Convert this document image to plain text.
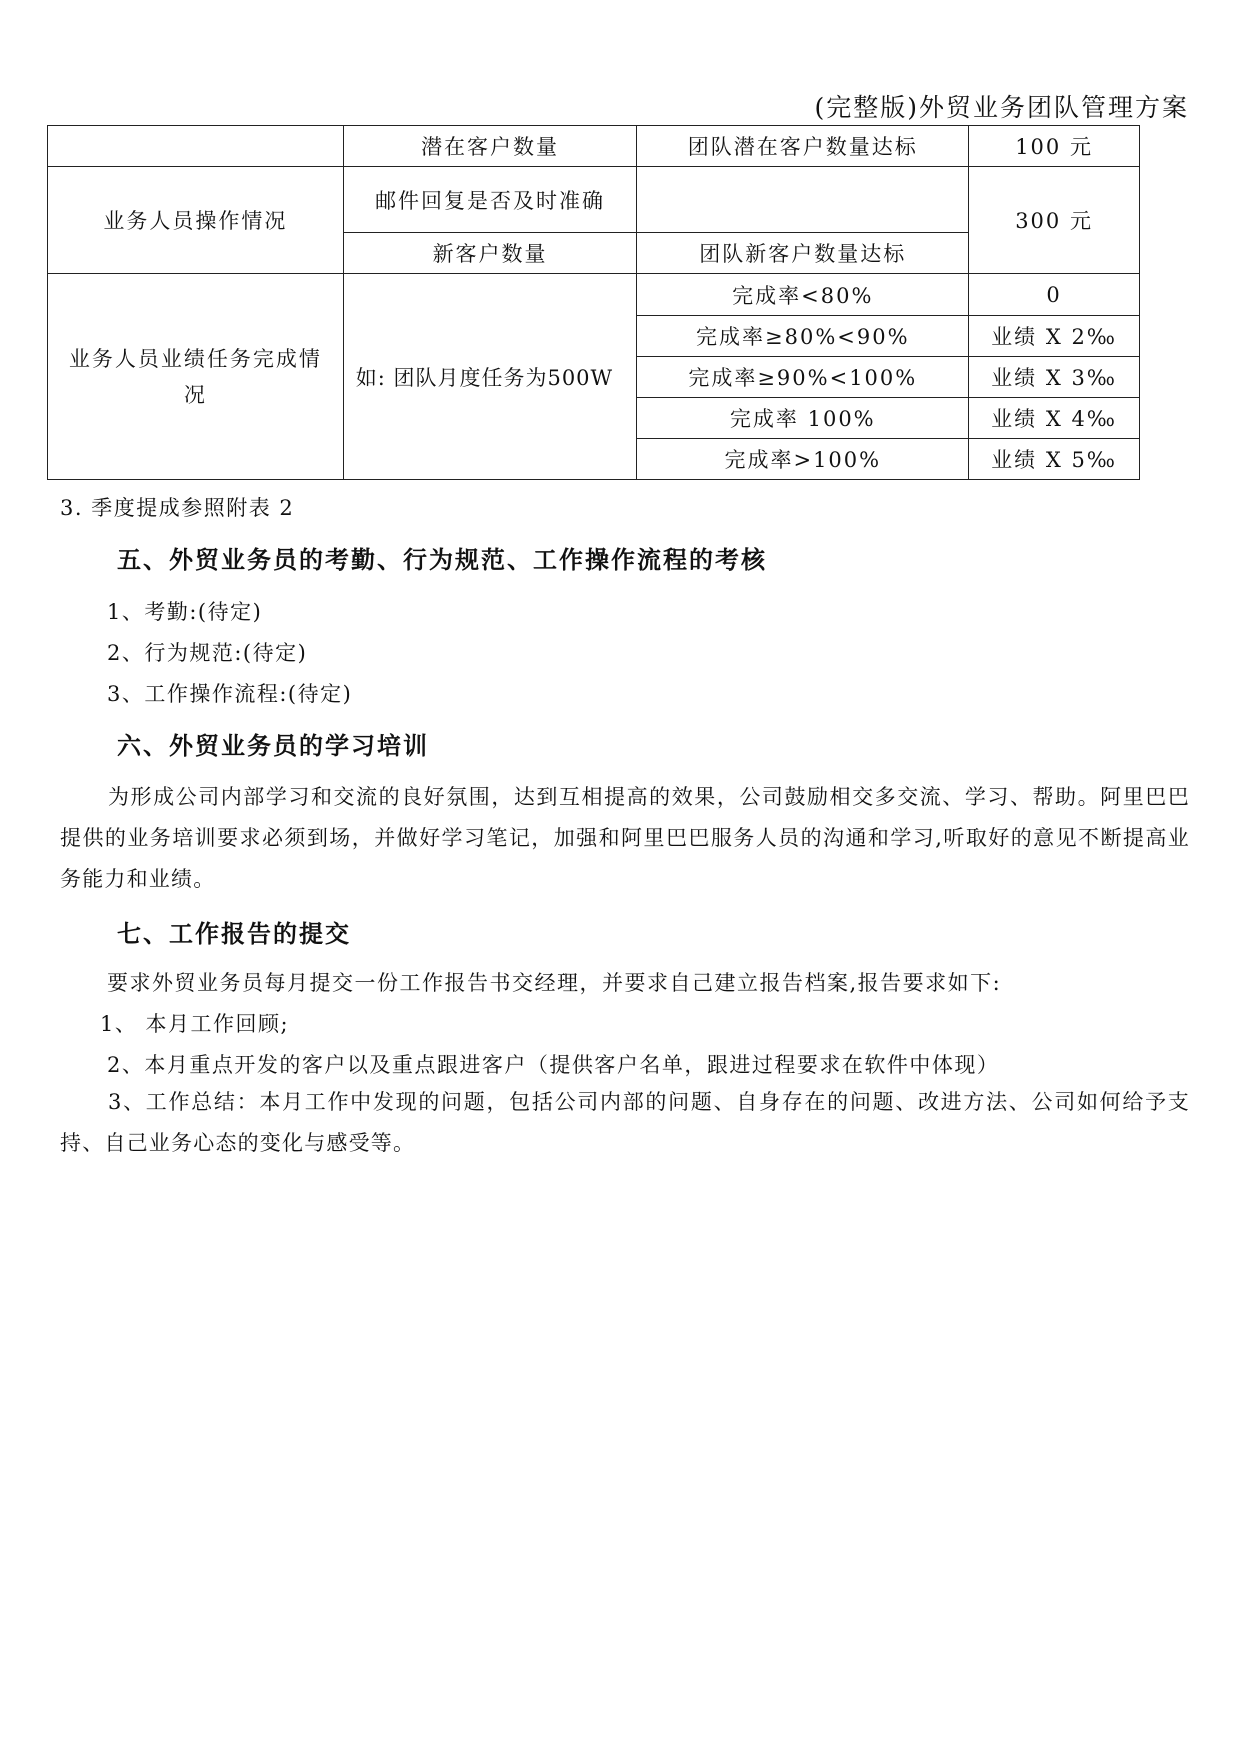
(完整版)外贸业务团队管理方案
	潜在客户数量	团队潜在客户数量达标	100 元
业务人员操作情况	邮件回复是否及时准确		300 元
	新客户数量	团队新客户数量达标	
业务人员业绩任务完成情况	如: 团队月度任务为500W	完成率<80%	0
		完成率≥80%<90%	业绩 X 2‰
		完成率≥90%<100%	业绩 X 3‰
		完成率 100%	业绩 X 4‰
		完成率>100%	业绩 X 5‰
3. 季度提成参照附表 2
五、外贸业务员的考勤、行为规范、工作操作流程的考核
1、考勤:(待定)
2、行为规范:(待定)
3、工作操作流程:(待定)
六、外贸业务员的学习培训

为形成公司内部学习和交流的良好氛围，达到互相提高的效果，公司鼓励相交多交流、学习、帮助。阿里巴巴提供的业务培训要求必须到场，并做好学习笔记，加强和阿里巴巴服务人员的沟通和学习,听取好的意见不断提高业务能力和业绩。

七、工作报告的提交
要求外贸业务员每月提交一份工作报告书交经理，并要求自己建立报告档案,报告要求如下:
1、 本月工作回顾;
2、本月重点开发的客户以及重点跟进客户（提供客户名单，跟进过程要求在软件中体现）

3、工作总结：本月工作中发现的问题，包括公司内部的问题、自身存在的问题、改进方法、公司如何给予支持、自己业务心态的变化与感受等。
